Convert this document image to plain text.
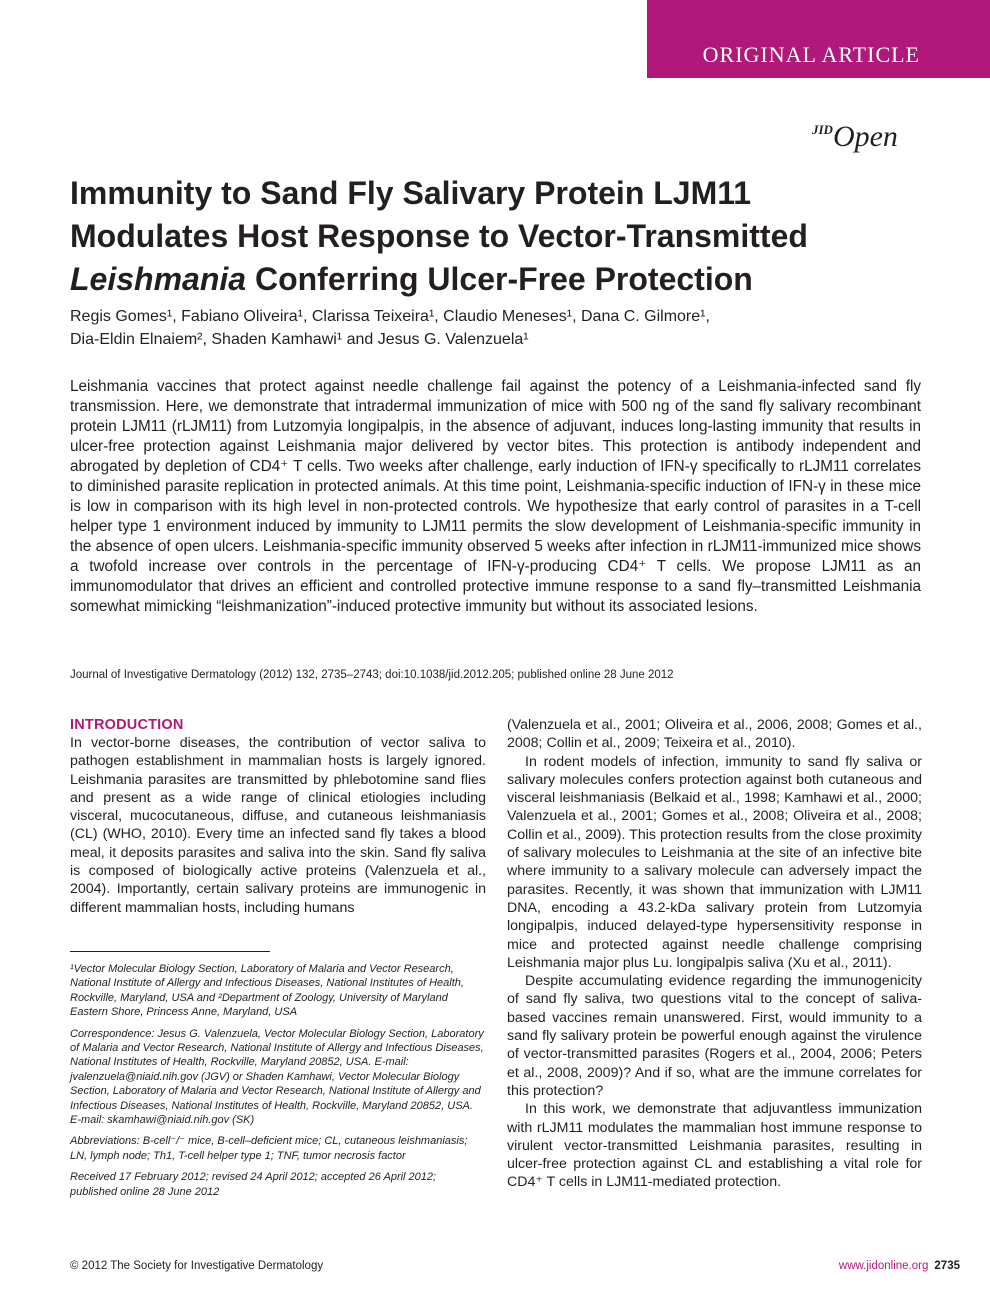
ORIGINAL ARTICLE
$^{JID}$Open
Immunity to Sand Fly Salivary Protein LJM11
Modulates Host Response to Vector-Transmitted
Leishmania Conferring Ulcer-Free Protection
Regis Gomes¹, Fabiano Oliveira¹, Clarissa Teixeira¹, Claudio Meneses¹, Dana C. Gilmore¹,
Dia-Eldin Elnaiem², Shaden Kamhawi¹ and Jesus G. Valenzuela¹

Leishmania vaccines that protect against needle challenge fail against the potency of a Leishmania-infected sand fly transmission. Here, we demonstrate that intradermal immunization of mice with 500 ng of the sand fly salivary recombinant protein LJM11 (rLJM11) from Lutzomyia longipalpis, in the absence of adjuvant, induces long-lasting immunity that results in ulcer-free protection against Leishmania major delivered by vector bites. This protection is antibody independent and abrogated by depletion of CD4⁺ T cells. Two weeks after challenge, early induction of IFN-γ specifically to rLJM11 correlates to diminished parasite replication in protected animals. At this time point, Leishmania-specific induction of IFN-γ in these mice is low in comparison with its high level in non-protected controls. We hypothesize that early control of parasites in a T-cell helper type 1 environment induced by immunity to LJM11 permits the slow development of Leishmania-specific immunity in the absence of open ulcers. Leishmania-specific immunity observed 5 weeks after infection in rLJM11-immunized mice shows a twofold increase over controls in the percentage of IFN-γ-producing CD4⁺ T cells. We propose LJM11 as an immunomodulator that drives an efficient and controlled protective immune response to a sand fly–transmitted Leishmania somewhat mimicking “leishmanization”-induced protective immunity but without its associated lesions.

Journal of Investigative Dermatology (2012) 132, 2735–2743; doi:10.1038/jid.2012.205; published online 28 June 2012
INTRODUCTION

In vector-borne diseases, the contribution of vector saliva to pathogen establishment in mammalian hosts is largely ignored. Leishmania parasites are transmitted by phlebotomine sand flies and present as a wide range of clinical etiologies including visceral, mucocutaneous, diffuse, and cutaneous leishmaniasis (CL) (WHO, 2010). Every time an infected sand fly takes a blood meal, it deposits parasites and saliva into the skin. Sand fly saliva is composed of biologically active proteins (Valenzuela et al., 2004). Importantly, certain salivary proteins are immunogenic in different mammalian hosts, including humans

¹Vector Molecular Biology Section, Laboratory of Malaria and Vector Research, National Institute of Allergy and Infectious Diseases, National Institutes of Health, Rockville, Maryland, USA and ²Department of Zoology, University of Maryland Eastern Shore, Princess Anne, Maryland, USA

Correspondence: Jesus G. Valenzuela, Vector Molecular Biology Section, Laboratory of Malaria and Vector Research, National Institute of Allergy and Infectious Diseases, National Institutes of Health, Rockville, Maryland 20852, USA. E-mail: jvalenzuela@niaid.nih.gov (JGV) or Shaden Kamhawi, Vector Molecular Biology Section, Laboratory of Malaria and Vector Research, National Institute of Allergy and Infectious Diseases, National Institutes of Health, Rockville, Maryland 20852, USA.

E-mail: skamhawi@niaid.nih.gov (SK)

Abbreviations: B-cell⁻/⁻ mice, B-cell–deficient mice; CL, cutaneous leishmaniasis; LN, lymph node; Th1, T-cell helper type 1; TNF, tumor necrosis factor

Received 17 February 2012; revised 24 April 2012; accepted 26 April 2012; published online 28 June 2012

(Valenzuela et al., 2001; Oliveira et al., 2006, 2008; Gomes et al., 2008; Collin et al., 2009; Teixeira et al., 2010).

In rodent models of infection, immunity to sand fly saliva or salivary molecules confers protection against both cutaneous and visceral leishmaniasis (Belkaid et al., 1998; Kamhawi et al., 2000; Valenzuela et al., 2001; Gomes et al., 2008; Oliveira et al., 2008; Collin et al., 2009). This protection results from the close proximity of salivary molecules to Leishmania at the site of an infective bite where immunity to a salivary molecule can adversely impact the parasites. Recently, it was shown that immunization with LJM11 DNA, encoding a 43.2-kDa salivary protein from Lutzomyia longipalpis, induced delayed-type hypersensitivity response in mice and protected against needle challenge comprising Leishmania major plus Lu. longipalpis saliva (Xu et al., 2011).

Despite accumulating evidence regarding the immunogenicity of sand fly saliva, two questions vital to the concept of saliva-based vaccines remain unanswered. First, would immunity to a sand fly salivary protein be powerful enough against the virulence of vector-transmitted parasites (Rogers et al., 2004, 2006; Peters et al., 2008, 2009)? And if so, what are the immune correlates for this protection?

In this work, we demonstrate that adjuvantless immunization with rLJM11 modulates the mammalian host immune response to virulent vector-transmitted Leishmania parasites, resulting in ulcer-free protection against CL and establishing a vital role for CD4⁺ T cells in LJM11-mediated protection.

© 2012 The Society for Investigative Dermatology	www.jidonline.org 2735
